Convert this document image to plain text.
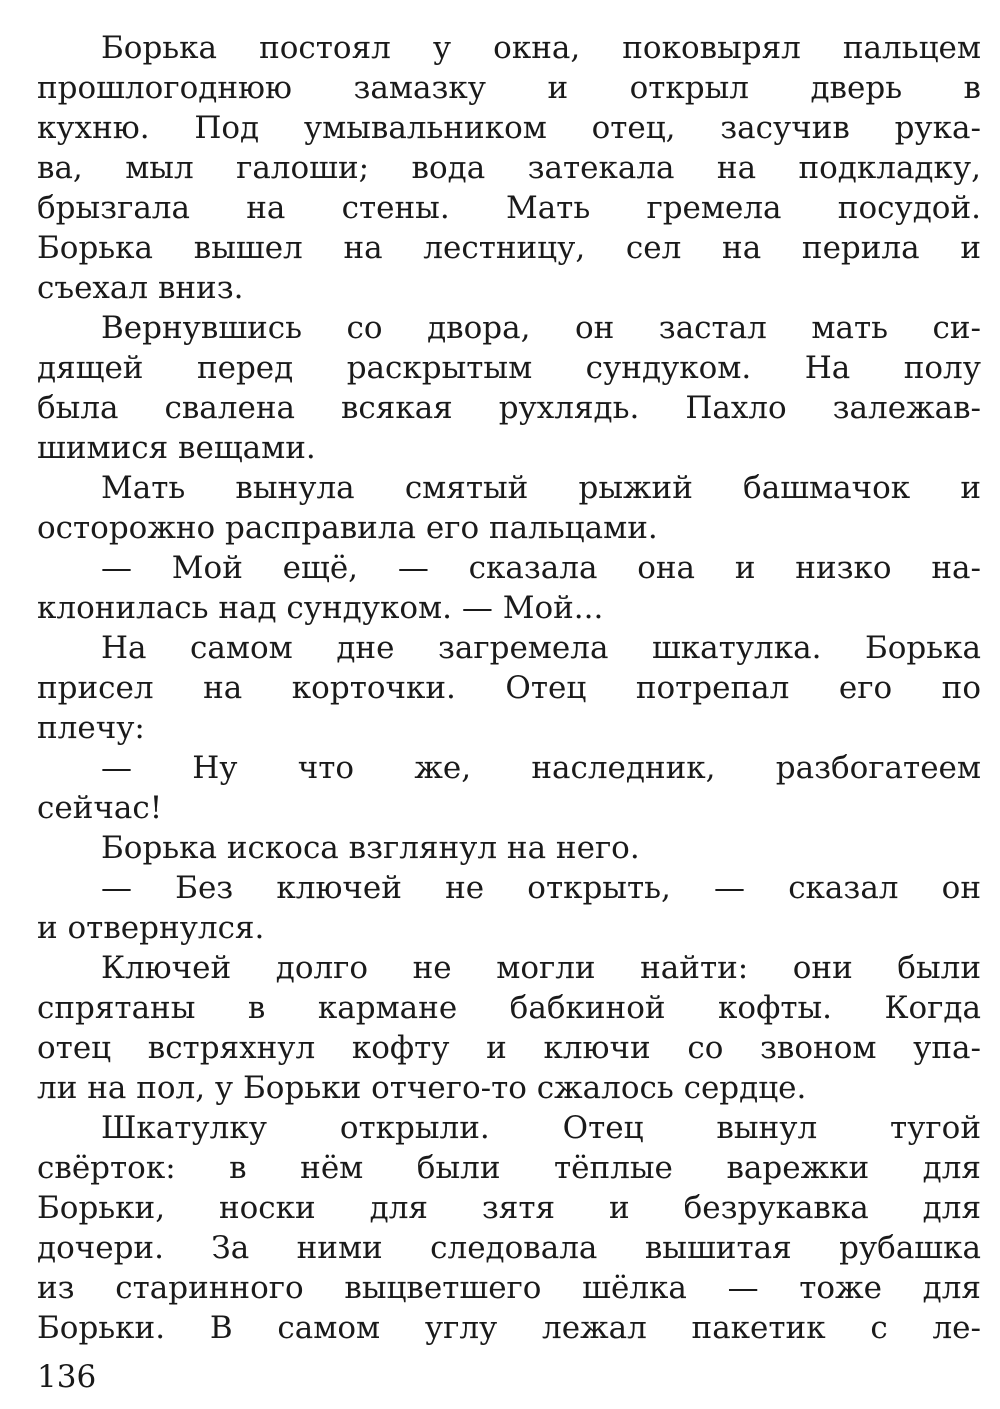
Борька постоял у окна, поковырял пальцем
прошлогоднюю замазку и открыл дверь в
кухню. Под умывальником отец, засучив рука-
ва, мыл галоши; вода затекала на подкладку,
брызгала на стены. Мать гремела посудой.
Борька вышел на лестницу, сел на перила и
съехал вниз.
Вернувшись со двора, он застал мать си-
дящей перед раскрытым сундуком. На полу
была свалена всякая рухлядь. Пахло залежав-
шимися вещами.
Мать вынула смятый рыжий башмачок и
осторожно расправила его пальцами.
— Мой ещё, — сказала она и низко на-
клонилась над сундуком. — Мой...
На самом дне загремела шкатулка. Борька
присел на корточки. Отец потрепал его по
плечу:
— Ну что же, наследник, разбогатеем
сейчас!
Борька искоса взглянул на него.
— Без ключей не открыть, — сказал он
и отвернулся.
Ключей долго не могли найти: они были
спрятаны в кармане бабкиной кофты. Когда
отец встряхнул кофту и ключи со звоном упа-
ли на пол, у Борьки отчего-то сжалось сердце.
Шкатулку открыли. Отец вынул тугой
свёрток: в нём были тёплые варежки для
Борьки, носки для зятя и безрукавка для
дочери. За ними следовала вышитая рубашка
из старинного выцветшего шёлка — тоже для
Борьки. В самом углу лежал пакетик с ле-
136
